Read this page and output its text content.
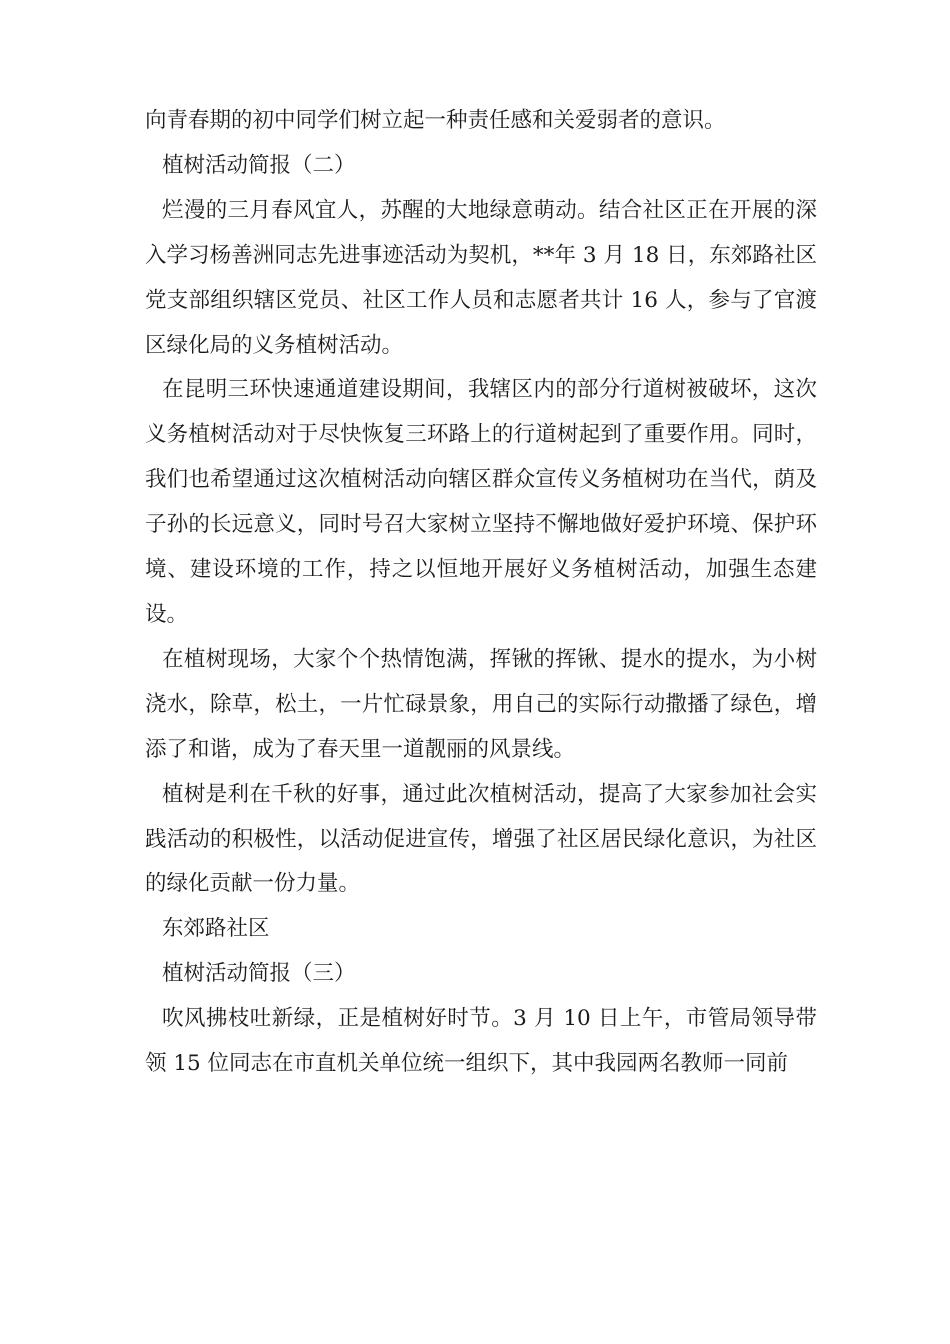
向青春期的初中同学们树立起一种责任感和关爱弱者的意识。

植树活动简报（二）

烂漫的三月春风宜人，苏醒的大地绿意萌动。结合社区正在开展的深入学习杨善洲同志先进事迹活动为契机，**年 3 月 18 日，东郊路社区党支部组织辖区党员、社区工作人员和志愿者共计 16 人，参与了官渡区绿化局的义务植树活动。

在昆明三环快速通道建设期间，我辖区内的部分行道树被破坏，这次义务植树活动对于尽快恢复三环路上的行道树起到了重要作用。同时，我们也希望通过这次植树活动向辖区群众宣传义务植树功在当代，荫及子孙的长远意义，同时号召大家树立坚持不懈地做好爱护环境、保护环境、建设环境的工作，持之以恒地开展好义务植树活动，加强生态建设。

在植树现场，大家个个热情饱满，挥锹的挥锹、提水的提水，为小树浇水，除草，松土，一片忙碌景象，用自己的实际行动撒播了绿色，增添了和谐，成为了春天里一道靓丽的风景线。

植树是利在千秋的好事，通过此次植树活动，提高了大家参加社会实践活动的积极性，以活动促进宣传，增强了社区居民绿化意识，为社区的绿化贡献一份力量。

东郊路社区

植树活动简报（三）

吹风拂枝吐新绿，正是植树好时节。3 月 10 日上午，市管局领导带领 15 位同志在市直机关单位统一组织下，其中我园两名教师一同前
